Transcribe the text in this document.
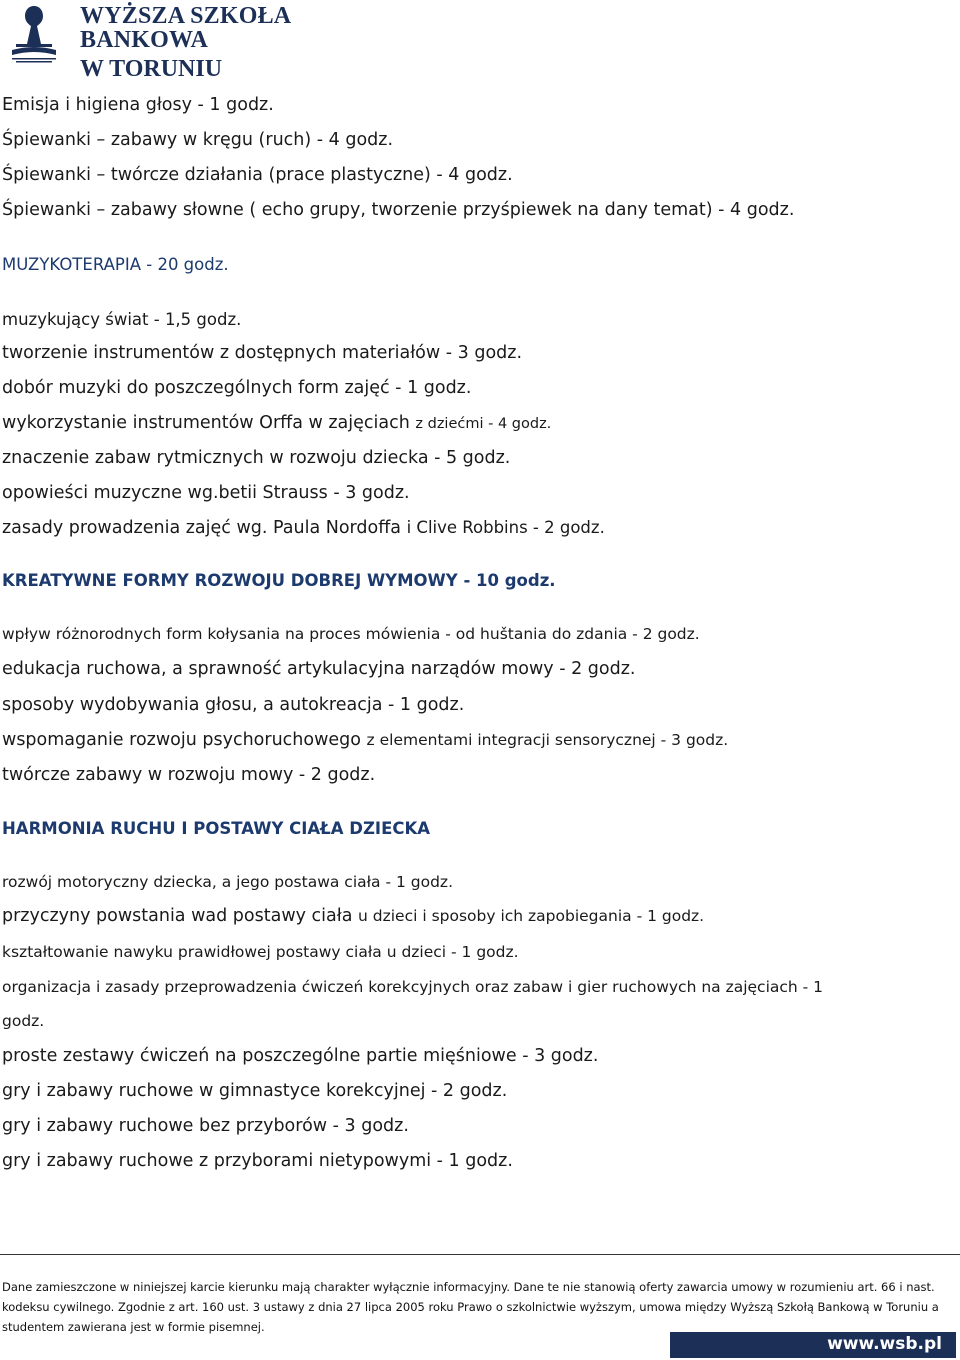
WYŻSZA SZKOŁA BANKOWA
W TORUNIU
Emisja i higiena głosy - 1 godz.
Śpiewanki – zabawy w kręgu (ruch) - 4 godz.
Śpiewanki – twórcze działania (prace plastyczne) - 4 godz.
Śpiewanki – zabawy słowne ( echo grupy, tworzenie przyśpiewek na dany temat) - 4 godz.
MUZYKOTERAPIA - 20 godz.
muzykujący świat - 1,5 godz.
tworzenie instrumentów z dostępnych materiałów - 3 godz.
dobór muzyki do poszczególnych form zajęć - 1 godz.
wykorzystanie instrumentów Orffa w zajęciach z dziećmi - 4 godz.
znaczenie zabaw rytmicznych w rozwoju dziecka - 5 godz.
opowieści muzyczne wg.betii Strauss - 3 godz.
zasady prowadzenia zajęć wg. Paula Nordoffa i Clive Robbins - 2 godz.
KREATYWNE FORMY ROZWOJU DOBREJ WYMOWY - 10 godz.
wpływ różnorodnych form kołysania na proces mówienia - od huštania do zdania - 2 godz.
edukacja ruchowa, a sprawność artykulacyjna narządów mowy - 2 godz.
sposoby wydobywania głosu, a autokreacja - 1 godz.
wspomaganie rozwoju psychoruchowego z elementami integracji sensorycznej - 3 godz.
twórcze zabawy w rozwoju mowy - 2 godz.
HARMONIA RUCHU I POSTAWY CIAŁA DZIECKA
rozwój motoryczny dziecka, a jego postawa ciała - 1 godz.
przyczyny powstania wad postawy ciała u dzieci i sposoby ich zapobiegania - 1 godz.
kształtowanie nawyku prawidłowej postawy ciała u dzieci - 1 godz.
organizacja i zasady przeprowadzenia ćwiczeń korekcyjnych oraz zabaw i gier ruchowych na zajęciach - 1
godz.
proste zestawy ćwiczeń na poszczególne partie mięśniowe - 3 godz.
gry i zabawy ruchowe w gimnastyce korekcyjnej - 2 godz.
gry i zabawy ruchowe bez przyborów - 3 godz.
gry i zabawy ruchowe z przyborami nietypowymi - 1 godz.
Dane zamieszczone w niniejszej karcie kierunku mają charakter wyłącznie informacyjny. Dane te nie stanowią oferty zawarcia umowy w rozumieniu art. 66 i nast. kodeksu cywilnego. Zgodnie z art. 160 ust. 3 ustawy z dnia 27 lipca 2005 roku Prawo o szkolnictwie wyższym, umowa między Wyższą Szkołą Bankową w Toruniu a studentem zawierana jest w formie pisemnej.
www.wsb.pl
